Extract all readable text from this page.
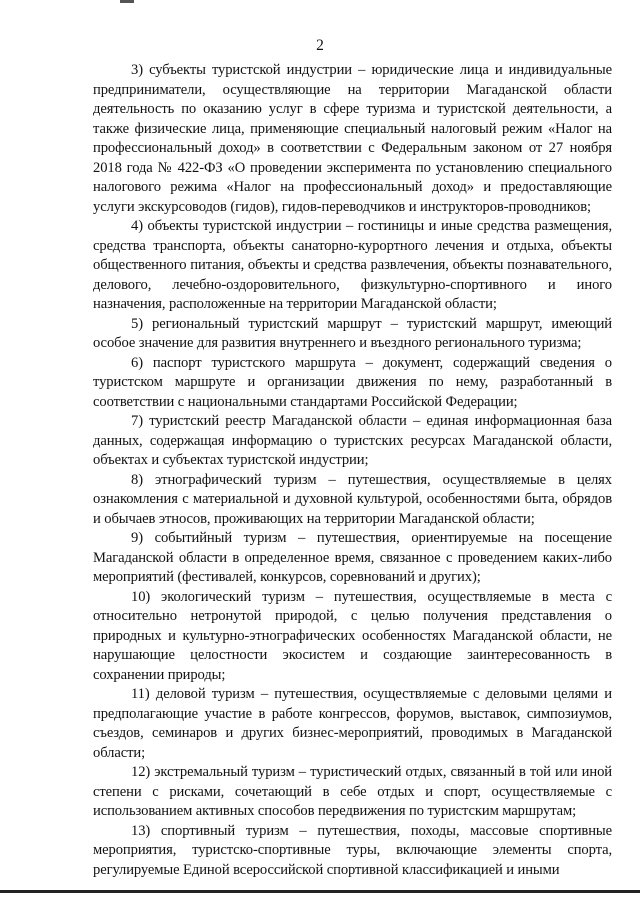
2

3) субъекты туристской индустрии – юридические лица и индивидуальные предприниматели, осуществляющие на территории Магаданской области деятельность по оказанию услуг в сфере туризма и туристской деятельности, а также физические лица, применяющие специальный налоговый режим «Налог на профессиональный доход» в соответствии с Федеральным законом от 27 ноября 2018 года № 422-ФЗ «О проведении эксперимента по установлению специального налогового режима «Налог на профессиональный доход» и предоставляющие услуги экскурсоводов (гидов), гидов-переводчиков и инструкторов-проводников;

4) объекты туристской индустрии – гостиницы и иные средства размещения, средства транспорта, объекты санаторно-курортного лечения и отдыха, объекты общественного питания, объекты и средства развлечения, объекты познавательного, делового, лечебно-оздоровительного, физкультурно-спортивного и иного назначения, расположенные на территории Магаданской области;

5) региональный туристский маршрут – туристский маршрут, имеющий особое значение для развития внутреннего и въездного регионального туризма;

6) паспорт туристского маршрута – документ, содержащий сведения о туристском маршруте и организации движения по нему, разработанный в соответствии с национальными стандартами Российской Федерации;

7) туристский реестр Магаданской области – единая информационная база данных, содержащая информацию о туристских ресурсах Магаданской области, объектах и субъектах туристской индустрии;

8) этнографический туризм – путешествия, осуществляемые в целях ознакомления с материальной и духовной культурой, особенностями быта, обрядов и обычаев этносов, проживающих на территории Магаданской области;

9) событийный туризм – путешествия, ориентируемые на посещение Магаданской области в определенное время, связанное с проведением каких-либо мероприятий (фестивалей, конкурсов, соревнований и других);

10) экологический туризм – путешествия, осуществляемые в места с относительно нетронутой природой, с целью получения представления о природных и культурно-этнографических особенностях Магаданской области, не нарушающие целостности экосистем и создающие заинтересованность в сохранении природы;

11) деловой туризм – путешествия, осуществляемые с деловыми целями и предполагающие участие в работе конгрессов, форумов, выставок, симпозиумов, съездов, семинаров и других бизнес-мероприятий, проводимых в Магаданской области;

12) экстремальный туризм – туристический отдых, связанный в той или иной степени с рисками, сочетающий в себе отдых и спорт, осуществляемые с использованием активных способов передвижения по туристским маршрутам;

13) спортивный туризм – путешествия, походы, массовые спортивные мероприятия, туристско-спортивные туры, включающие элементы спорта, регулируемые Единой всероссийской спортивной классификацией и иными
